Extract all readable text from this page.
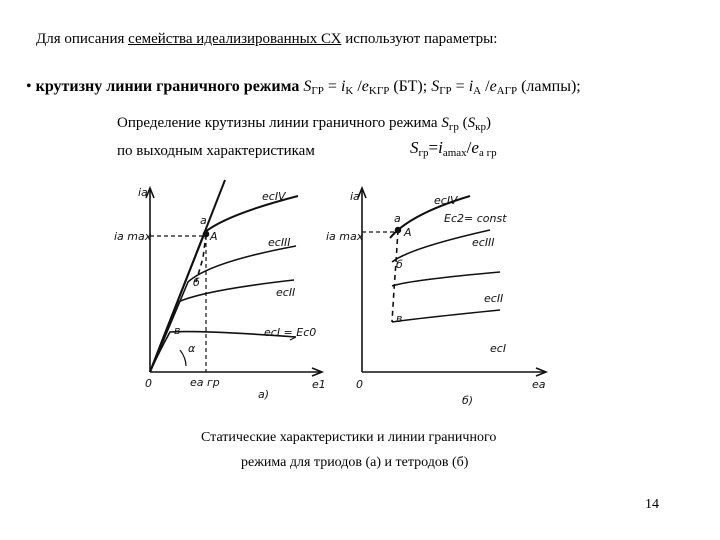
Для описания семейства идеализированных СХ используют параметры:
• крутизну линии граничного режима $S_{ГР} = i_K$ $/e_{KГР}$ (БТ); $S_{ГР} = i_A$ $/e_{AГР}$ (лампы);
Определение крутизны линии граничного режима $S_{гр}$ $(S_{кр})$
по выходным характеристикам	$S_{гр}=i_{amax}/e_{a гр}$
iа
iа max
0	eа гр	e1
a
A
б
в
α
eсIV
eсIII
eсII
eсI = Eс0
а)
iа
iа max
0	eа
a
A
б
в
eсIV
Ec2= const
eсIII
eсII
eсI
б)
Статические характеристики и линии граничного
режима для триодов (а) и тетродов (б)
14
